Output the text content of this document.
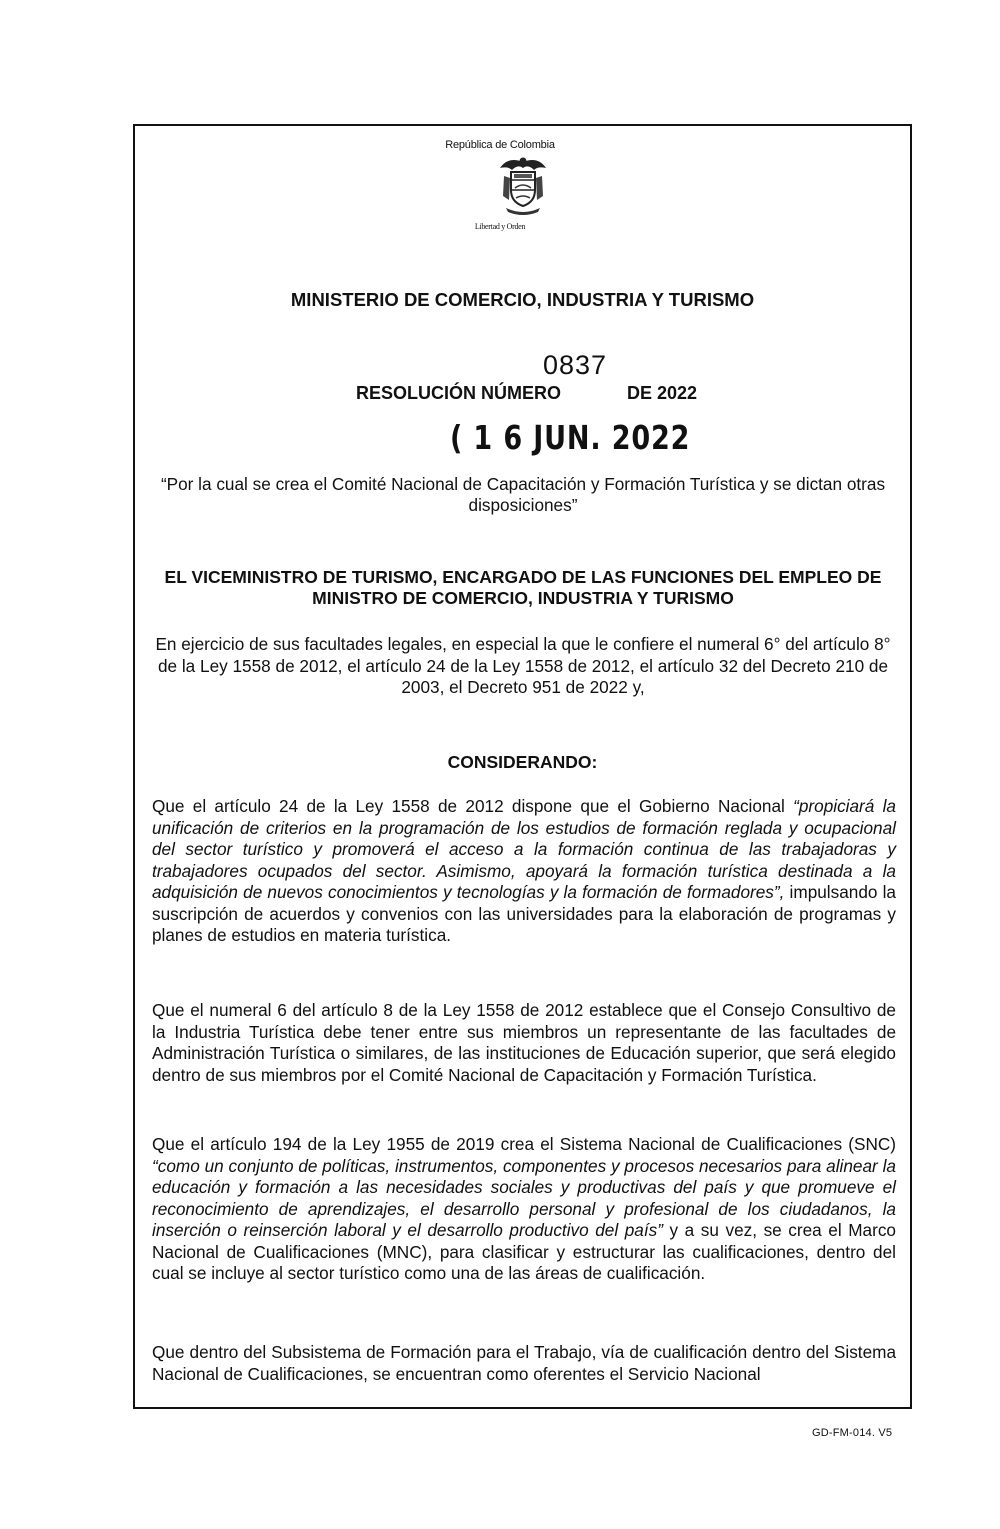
República de Colombia
Libertad y Orden
MINISTERIO DE COMERCIO, INDUSTRIA Y TURISMO
0837
RESOLUCIÓN NÚMERO	DE 2022
( 1 6 JUN. 2022
“Por la cual se crea el Comité Nacional de Capacitación y Formación Turística y se dictan otras disposiciones”
EL VICEMINISTRO DE TURISMO, ENCARGADO DE LAS FUNCIONES DEL EMPLEO DE MINISTRO DE COMERCIO, INDUSTRIA Y TURISMO
En ejercicio de sus facultades legales, en especial la que le confiere el numeral 6° del artículo 8° de la Ley 1558 de 2012, el artículo 24 de la Ley 1558 de 2012, el artículo 32 del Decreto 210 de 2003, el Decreto 951 de 2022 y,
CONSIDERANDO:
Que el artículo 24 de la Ley 1558 de 2012 dispone que el Gobierno Nacional “propiciará la unificación de criterios en la programación de los estudios de formación reglada y ocupacional del sector turístico y promoverá el acceso a la formación continua de las trabajadoras y trabajadores ocupados del sector. Asimismo, apoyará la formación turística destinada a la adquisición de nuevos conocimientos y tecnologías y la formación de formadores”, impulsando la suscripción de acuerdos y convenios con las universidades para la elaboración de programas y planes de estudios en materia turística.
Que el numeral 6 del artículo 8 de la Ley 1558 de 2012 establece que el Consejo Consultivo de la Industria Turística debe tener entre sus miembros un representante de las facultades de Administración Turística o similares, de las instituciones de Educación superior, que será elegido dentro de sus miembros por el Comité Nacional de Capacitación y Formación Turística.
Que el artículo 194 de la Ley 1955 de 2019 crea el Sistema Nacional de Cualificaciones (SNC) “como un conjunto de políticas, instrumentos, componentes y procesos necesarios para alinear la educación y formación a las necesidades sociales y productivas del país y que promueve el reconocimiento de aprendizajes, el desarrollo personal y profesional de los ciudadanos, la inserción o reinserción laboral y el desarrollo productivo del país” y a su vez, se crea el Marco Nacional de Cualificaciones (MNC), para clasificar y estructurar las cualificaciones, dentro del cual se incluye al sector turístico como una de las áreas de cualificación.
Que dentro del Subsistema de Formación para el Trabajo, vía de cualificación dentro del Sistema Nacional de Cualificaciones, se encuentran como oferentes el Servicio Nacional
GD-FM-014. V5
